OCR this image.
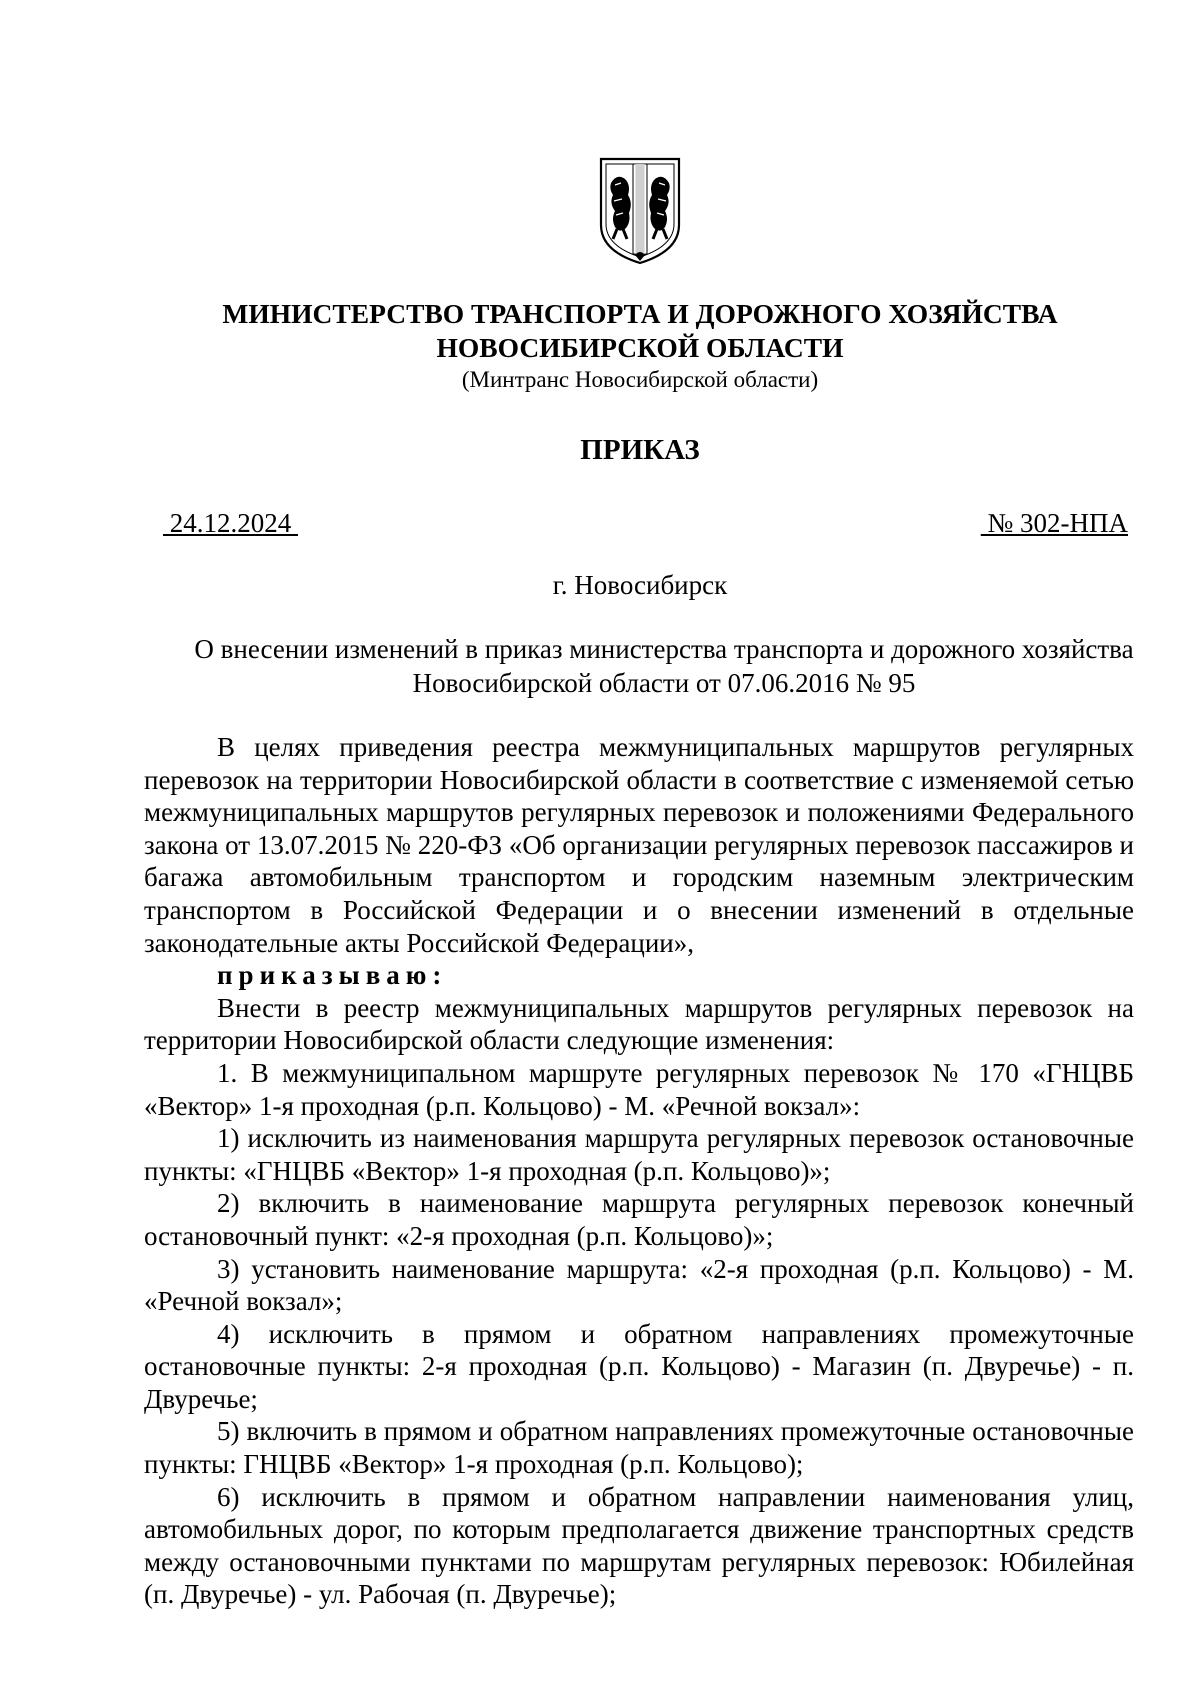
МИНИСТЕРСТВО ТРАНСПОРТА И ДОРОЖНОГО ХОЗЯЙСТВА
НОВОСИБИРСКОЙ ОБЛАСТИ
(Минтранс Новосибирской области)
ПРИКАЗ
24.12.2024	№ 302-НПА
г. Новосибирск
О внесении изменений в приказ министерства транспорта и дорожного хозяйства Новосибирской области от 07.06.2016 № 95

В целях приведения реестра межмуниципальных маршрутов регулярных перевозок на территории Новосибирской области в соответствие с изменяемой сетью межмуниципальных маршрутов регулярных перевозок и положениями Федерального закона от 13.07.2015 № 220-ФЗ «Об организации регулярных перевозок пассажиров и багажа автомобильным транспортом и городским наземным электрическим транспортом в Российской Федерации и о внесении изменений в отдельные законодательные акты Российской Федерации»,

приказываю:

Внести в реестр межмуниципальных маршрутов регулярных перевозок на территории Новосибирской области следующие изменения:

1. В межмуниципальном маршруте регулярных перевозок № 170 «ГНЦВБ «Вектор» 1-я проходная (р.п. Кольцово) - М. «Речной вокзал»:

1) исключить из наименования маршрута регулярных перевозок остановочные пункты: «ГНЦВБ «Вектор» 1-я проходная (р.п. Кольцово)»;

2) включить в наименование маршрута регулярных перевозок конечный остановочный пункт: «2-я проходная (р.п. Кольцово)»;

3) установить наименование маршрута: «2-я проходная (р.п. Кольцово) - М. «Речной вокзал»;

4) исключить в прямом и обратном направлениях промежуточные остановочные пункты: 2-я проходная (р.п. Кольцово) - Магазин (п. Двуречье) - п. Двуречье;

5) включить в прямом и обратном направлениях промежуточные остановочные пункты: ГНЦВБ «Вектор» 1-я проходная (р.п. Кольцово);

6) исключить в прямом и обратном направлении наименования улиц, автомобильных дорог, по которым предполагается движение транспортных средств между остановочными пунктами по маршрутам регулярных перевозок: Юбилейная (п. Двуречье) - ул. Рабочая (п. Двуречье);
